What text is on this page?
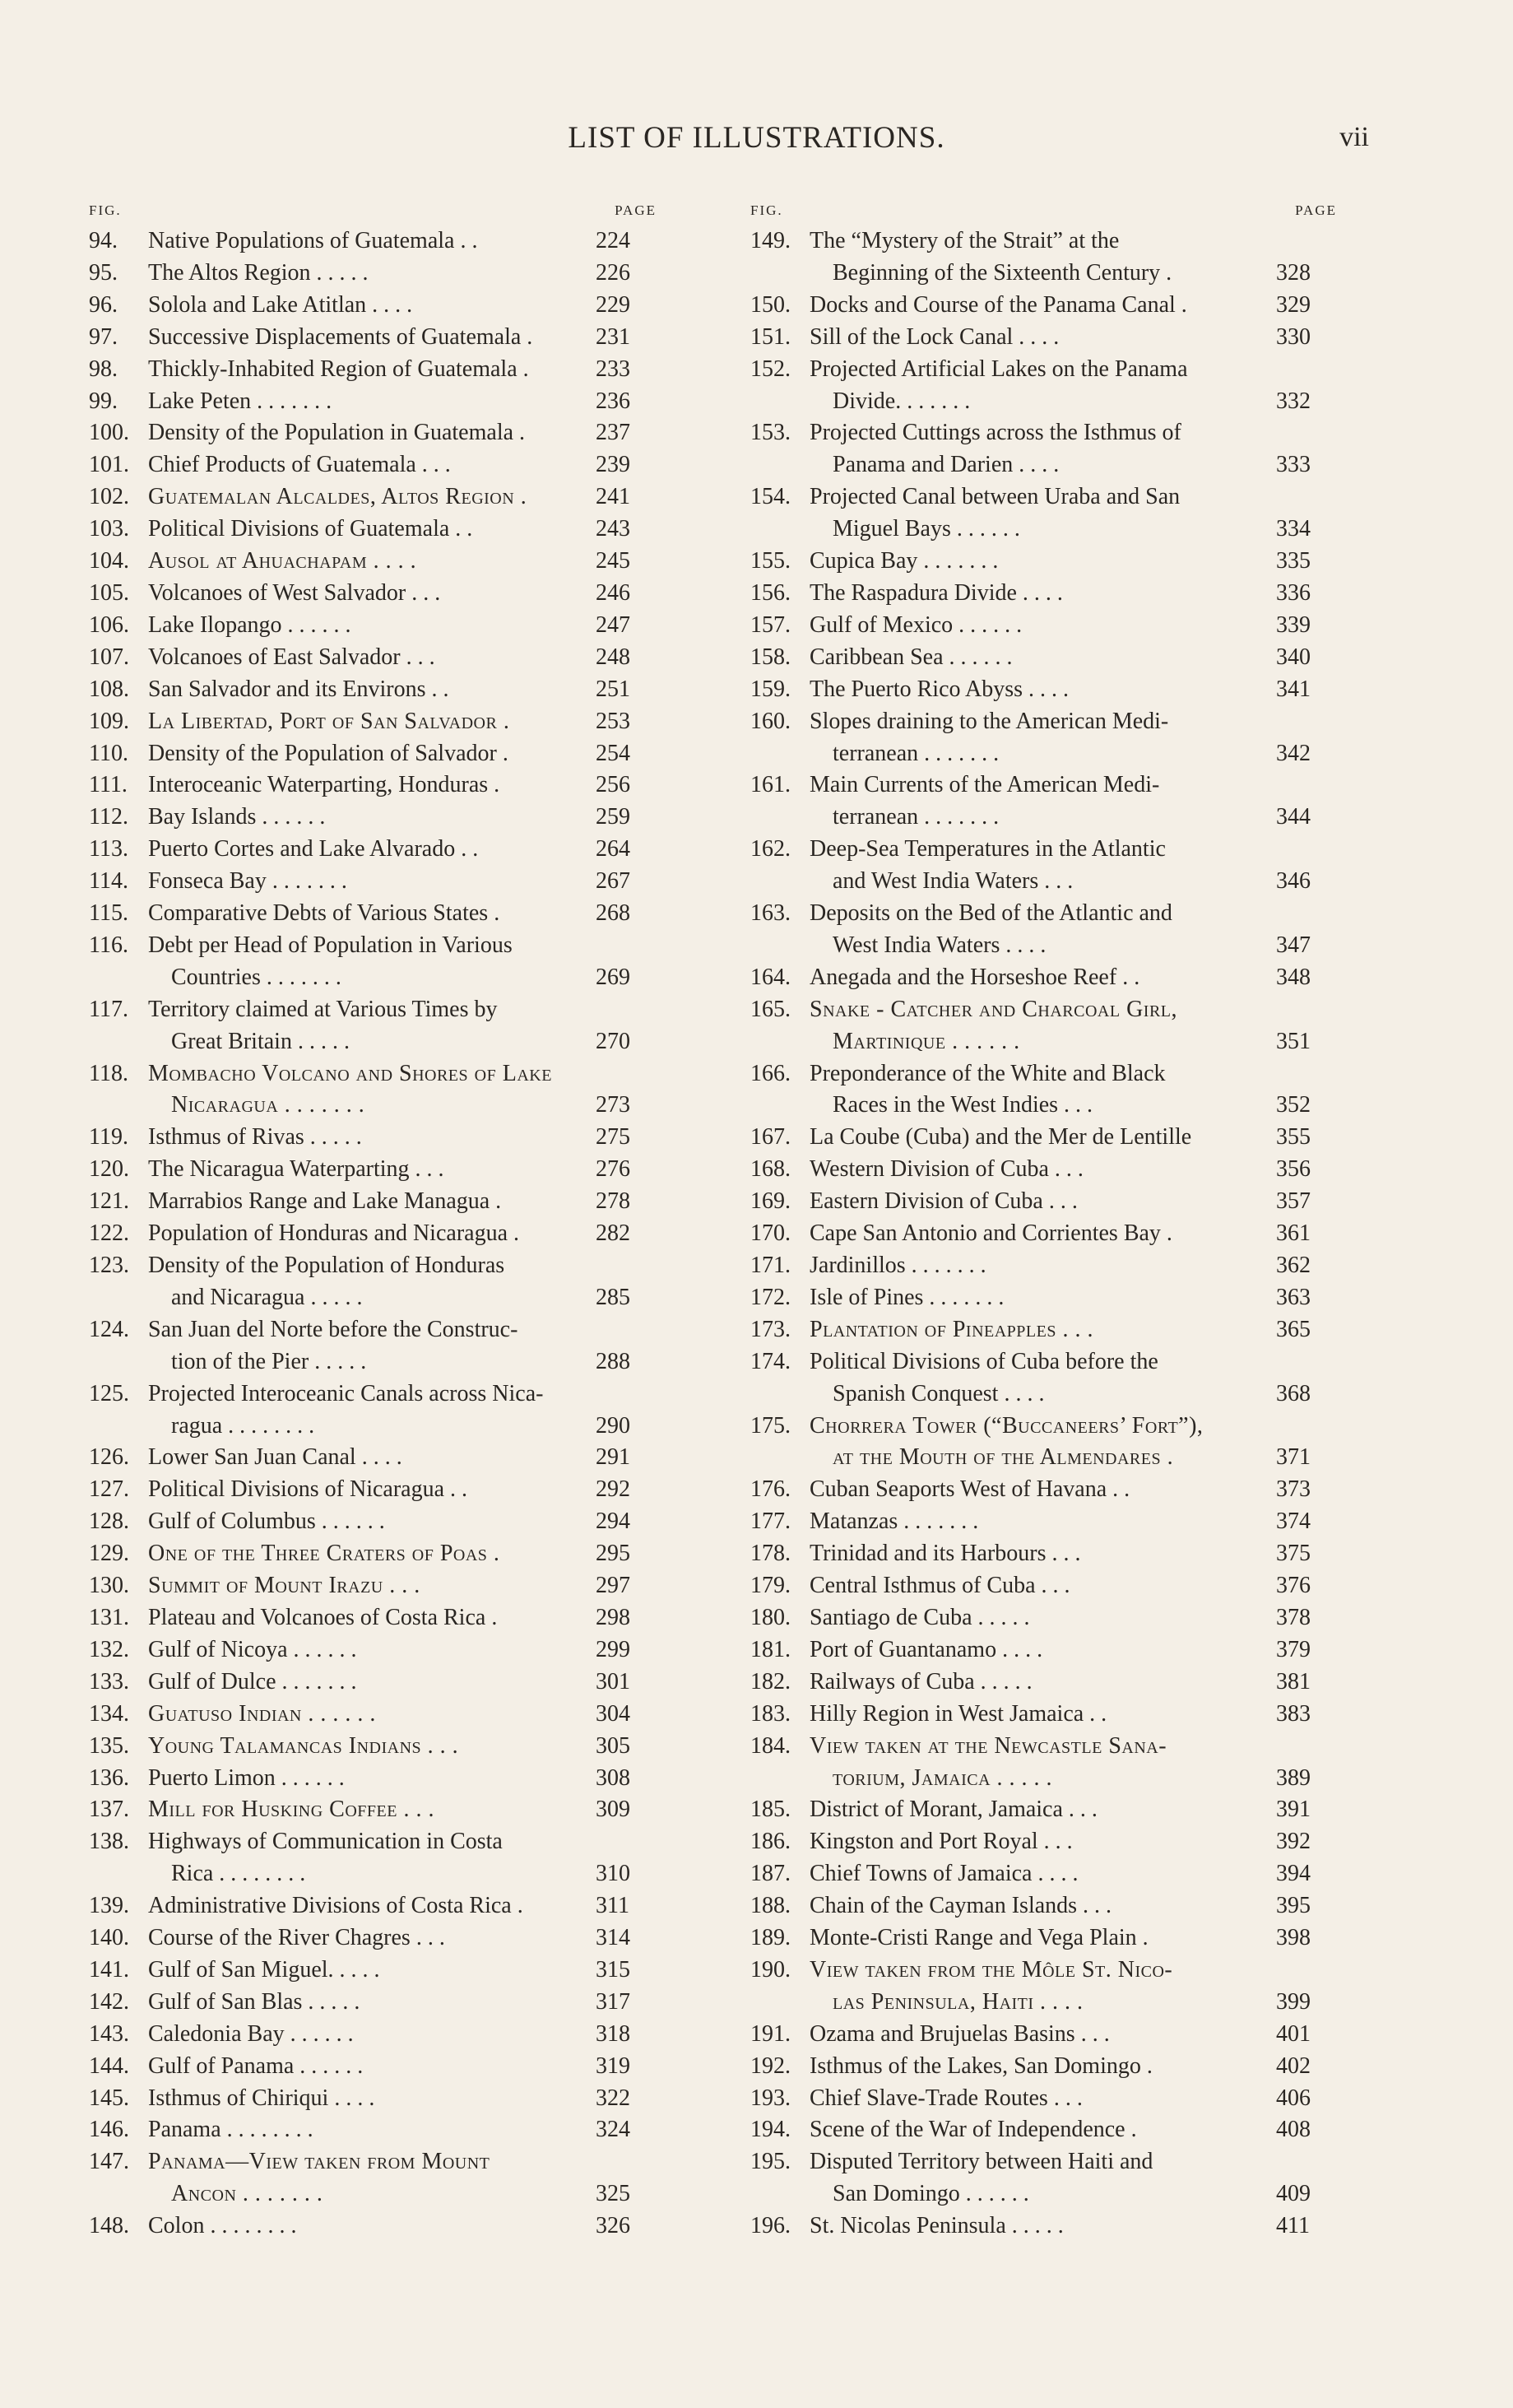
LIST OF ILLUSTRATIONS.	vii
FIG.	PAGE
94. Native Populations of Guatemala . .	224
95. The Altos Region . . . . .	226
96. Solola and Lake Atitlan . . . .	229
97. Successive Displacements of Guatemala .	231
98. Thickly-Inhabited Region of Guatemala .	233
99. Lake Peten . . . . . . .	236
100. Density of the Population in Guatemala .	237
101. Chief Products of Guatemala . . .	239
102. Guatemalan Alcaldes, Altos Region .	241
103. Political Divisions of Guatemala . .	243
104. Ausol at Ahuachapam . . . .	245
105. Volcanoes of West Salvador . . .	246
106. Lake Ilopango . . . . . .	247
107. Volcanoes of East Salvador . . .	248
108. San Salvador and its Environs . .	251
109. La Libertad, Port of San Salvador .	253
110. Density of the Population of Salvador .	254
111. Interoceanic Waterparting, Honduras .	256
112. Bay Islands . . . . . .	259
113. Puerto Cortes and Lake Alvarado . .	264
114. Fonseca Bay . . . . . . .	267
115. Comparative Debts of Various States .	268
116. Debt per Head of Population in Various
Countries . . . . . . .	269
117. Territory claimed at Various Times by
Great Britain . . . . .	270
118. Mombacho Volcano and Shores of Lake
Nicaragua . . . . . . .	273
119. Isthmus of Rivas . . . . .	275
120. The Nicaragua Waterparting . . .	276
121. Marrabios Range and Lake Managua .	278
122. Population of Honduras and Nicaragua .	282
123. Density of the Population of Honduras
and Nicaragua . . . . .	285
124. San Juan del Norte before the Construc-
tion of the Pier . . . . .	288
125. Projected Interoceanic Canals across Nica-
ragua . . . . . . . .	290
126. Lower San Juan Canal . . . .	291
127. Political Divisions of Nicaragua . .	292
128. Gulf of Columbus . . . . . .	294
129. One of the Three Craters of Poas .	295
130. Summit of Mount Irazu . . .	297
131. Plateau and Volcanoes of Costa Rica .	298
132. Gulf of Nicoya . . . . . .	299
133. Gulf of Dulce . . . . . . .	301
134. Guatuso Indian . . . . . .	304
135. Young Talamancas Indians . . .	305
136. Puerto Limon . . . . . .	308
137. Mill for Husking Coffee . . .	309
138. Highways of Communication in Costa
Rica . . . . . . . .	310
139. Administrative Divisions of Costa Rica .	311
140. Course of the River Chagres . . .	314
141. Gulf of San Miguel. . . . .	315
142. Gulf of San Blas . . . . .	317
143. Caledonia Bay . . . . . .	318
144. Gulf of Panama . . . . . .	319
145. Isthmus of Chiriqui . . . .	322
146. Panama . . . . . . . .	324
147. Panama—View taken from Mount
Ancon . . . . . . .	325
148. Colon . . . . . . . .	326
FIG.	PAGE
149. The “Mystery of the Strait” at the
Beginning of the Sixteenth Century .	328
150. Docks and Course of the Panama Canal .	329
151. Sill of the Lock Canal . . . .	330
152. Projected Artificial Lakes on the Panama
Divide. . . . . . .	332
153. Projected Cuttings across the Isthmus of
Panama and Darien . . . .	333
154. Projected Canal between Uraba and San
Miguel Bays . . . . . .	334
155. Cupica Bay . . . . . . .	335
156. The Raspadura Divide . . . .	336
157. Gulf of Mexico . . . . . .	339
158. Caribbean Sea . . . . . .	340
159. The Puerto Rico Abyss . . . .	341
160. Slopes draining to the American Medi-
terranean . . . . . . .	342
161. Main Currents of the American Medi-
terranean . . . . . . .	344
162. Deep-Sea Temperatures in the Atlantic
and West India Waters . . .	346
163. Deposits on the Bed of the Atlantic and
West India Waters . . . .	347
164. Anegada and the Horseshoe Reef . .	348
165. Snake - Catcher and Charcoal Girl,
Martinique . . . . . .	351
166. Preponderance of the White and Black
Races in the West Indies . . .	352
167. La Coube (Cuba) and the Mer de Lentille	355
168. Western Division of Cuba . . .	356
169. Eastern Division of Cuba . . .	357
170. Cape San Antonio and Corrientes Bay .	361
171. Jardinillos . . . . . . .	362
172. Isle of Pines . . . . . . .	363
173. Plantation of Pineapples . . .	365
174. Political Divisions of Cuba before the
Spanish Conquest . . . .	368
175. Chorrera Tower (“Buccaneers’ Fort”),
at the Mouth of the Almendares .	371
176. Cuban Seaports West of Havana . .	373
177. Matanzas . . . . . . .	374
178. Trinidad and its Harbours . . .	375
179. Central Isthmus of Cuba . . .	376
180. Santiago de Cuba . . . . .	378
181. Port of Guantanamo . . . .	379
182. Railways of Cuba . . . . .	381
183. Hilly Region in West Jamaica . .	383
184. View taken at the Newcastle Sana-
torium, Jamaica . . . . .	389
185. District of Morant, Jamaica . . .	391
186. Kingston and Port Royal . . .	392
187. Chief Towns of Jamaica . . . .	394
188. Chain of the Cayman Islands . . .	395
189. Monte-Cristi Range and Vega Plain .	398
190. View taken from the Môle St. Nico-
las Peninsula, Haiti . . . .	399
191. Ozama and Brujuelas Basins . . .	401
192. Isthmus of the Lakes, San Domingo .	402
193. Chief Slave-Trade Routes . . .	406
194. Scene of the War of Independence .	408
195. Disputed Territory between Haiti and
San Domingo . . . . . .	409
196. St. Nicolas Peninsula . . . . .	411
